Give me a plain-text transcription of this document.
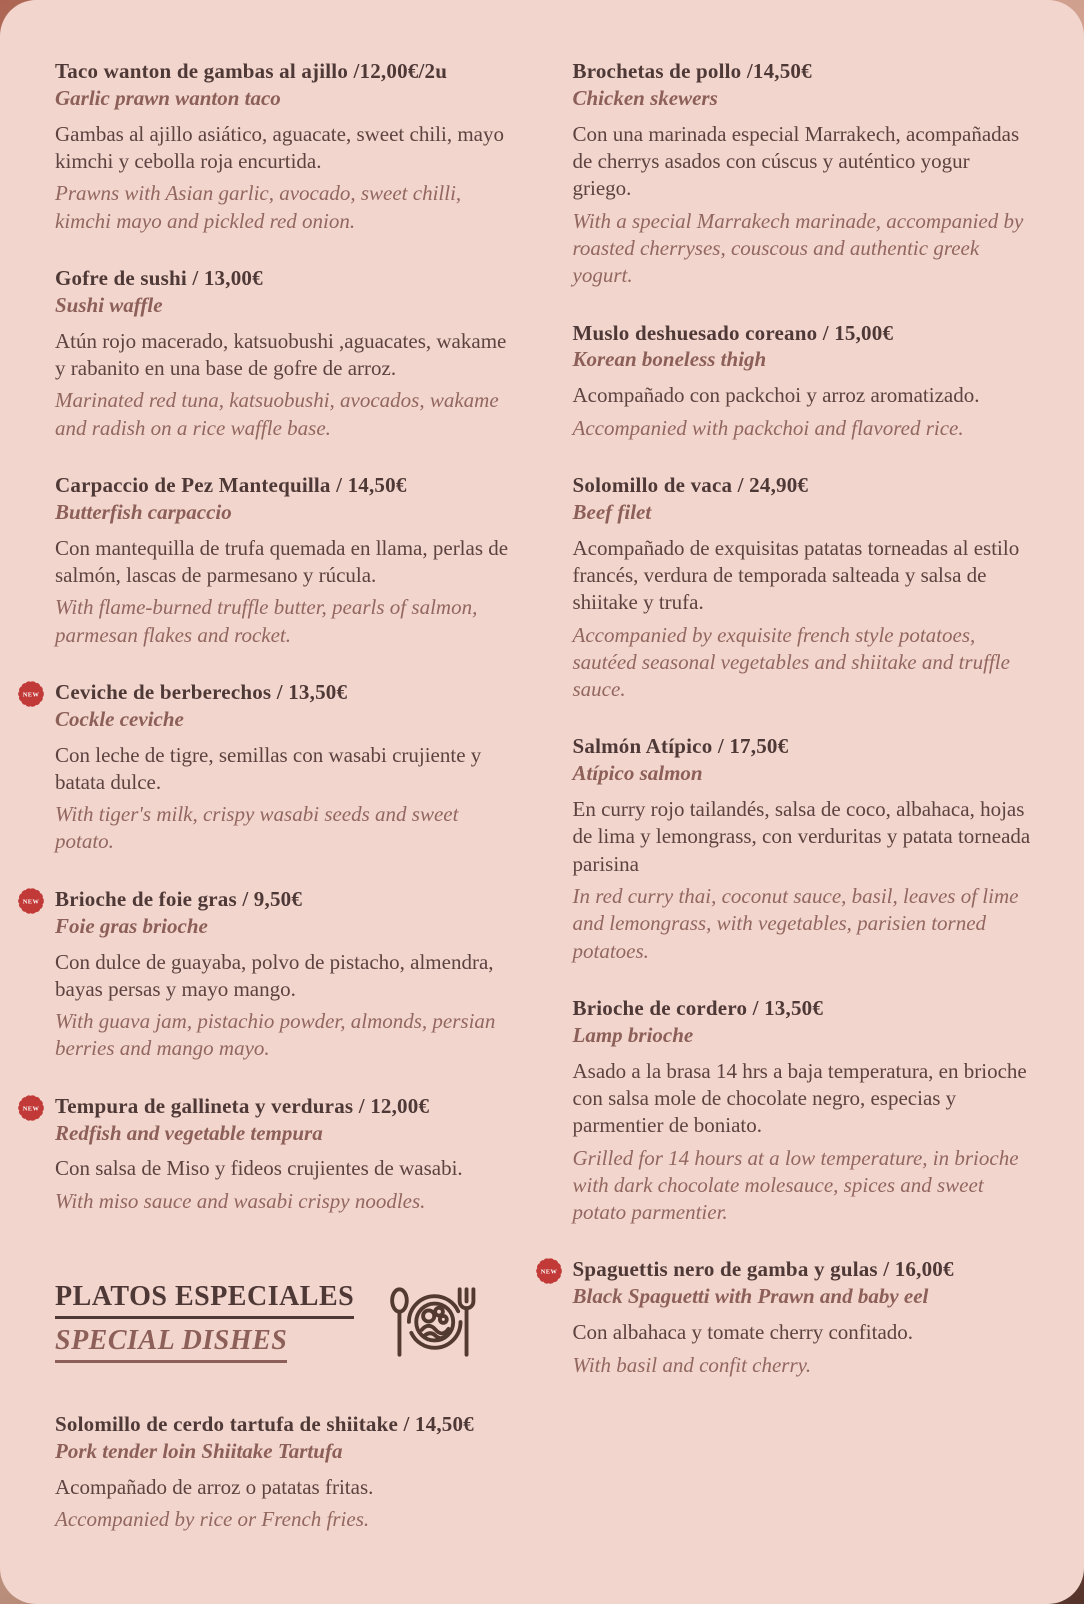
Taco wanton de gambas al ajillo /12,00€/2u
Garlic prawn wanton taco

Gambas al ajillo asiático, aguacate, sweet chili, mayo kimchi y cebolla roja encurtida.

Prawns with Asian garlic, avocado, sweet chilli, kimchi mayo and pickled red onion.

Gofre de sushi / 13,00€
Sushi waffle

Atún rojo macerado, katsuobushi ,aguacates, wakame y rabanito en una base de gofre de arroz.

Marinated red tuna, katsuobushi, avocados, wakame and radish on a rice waffle base.

Carpaccio de Pez Mantequilla / 14,50€
Butterfish carpaccio

Con mantequilla de trufa quemada en llama, perlas de salmón, lascas de parmesano y rúcula.

With flame-burned truffle butter, pearls of salmon, parmesan flakes and rocket.

NEW Ceviche de berberechos / 13,50€
Cockle ceviche

Con leche de tigre, semillas con wasabi crujiente y batata dulce.

With tiger's milk, crispy wasabi seeds and sweet potato.

NEW Brioche de foie gras / 9,50€
Foie gras brioche

Con dulce de guayaba, polvo de pistacho, almendra, bayas persas y mayo mango.

With guava jam, pistachio powder, almonds, persian berries and mango mayo.

NEW Tempura de gallineta y verduras / 12,00€
Redfish and vegetable tempura

Con salsa de Miso y fideos crujientes de wasabi.

With miso sauce and wasabi crispy noodles.

PLATOS ESPECIALES
SPECIAL DISHES
Solomillo de cerdo tartufa de shiitake / 14,50€
Pork tender loin Shiitake Tartufa

Acompañado de arroz o patatas fritas.

Accompanied by rice or French fries.

Brochetas de pollo /14,50€
Chicken skewers

Con una marinada especial Marrakech, acompañadas de cherrys asados con cúscus y auténtico yogur griego.

With a special Marrakech marinade, accompanied by roasted cherryses, couscous and authentic greek yogurt.

Muslo deshuesado coreano / 15,00€
Korean boneless thigh

Acompañado con packchoi y arroz aromatizado.

Accompanied with packchoi and flavored rice.

Solomillo de vaca / 24,90€
Beef filet

Acompañado de exquisitas patatas torneadas al estilo francés, verdura de temporada salteada y salsa de shiitake y trufa.

Accompanied by exquisite french style potatoes, sautéed seasonal vegetables and shiitake and truffle sauce.

Salmón Atípico / 17,50€
Atípico salmon

En curry rojo tailandés, salsa de coco, albahaca, hojas de lima y lemongrass, con verduritas y patata torneada parisina

In red curry thai, coconut sauce, basil, leaves of lime and lemongrass, with vegetables, parisien torned potatoes.

Brioche de cordero / 13,50€
Lamp brioche

Asado a la brasa 14 hrs a baja temperatura, en brioche con salsa mole de chocolate negro, especias y parmentier de boniato.

Grilled for 14 hours at a low temperature, in brioche with dark chocolate molesauce, spices and sweet potato parmentier.

NEW Spaguettis nero de gamba y gulas / 16,00€
Black Spaguetti with Prawn and baby eel

Con albahaca y tomate cherry confitado.

With basil and confit cherry.
